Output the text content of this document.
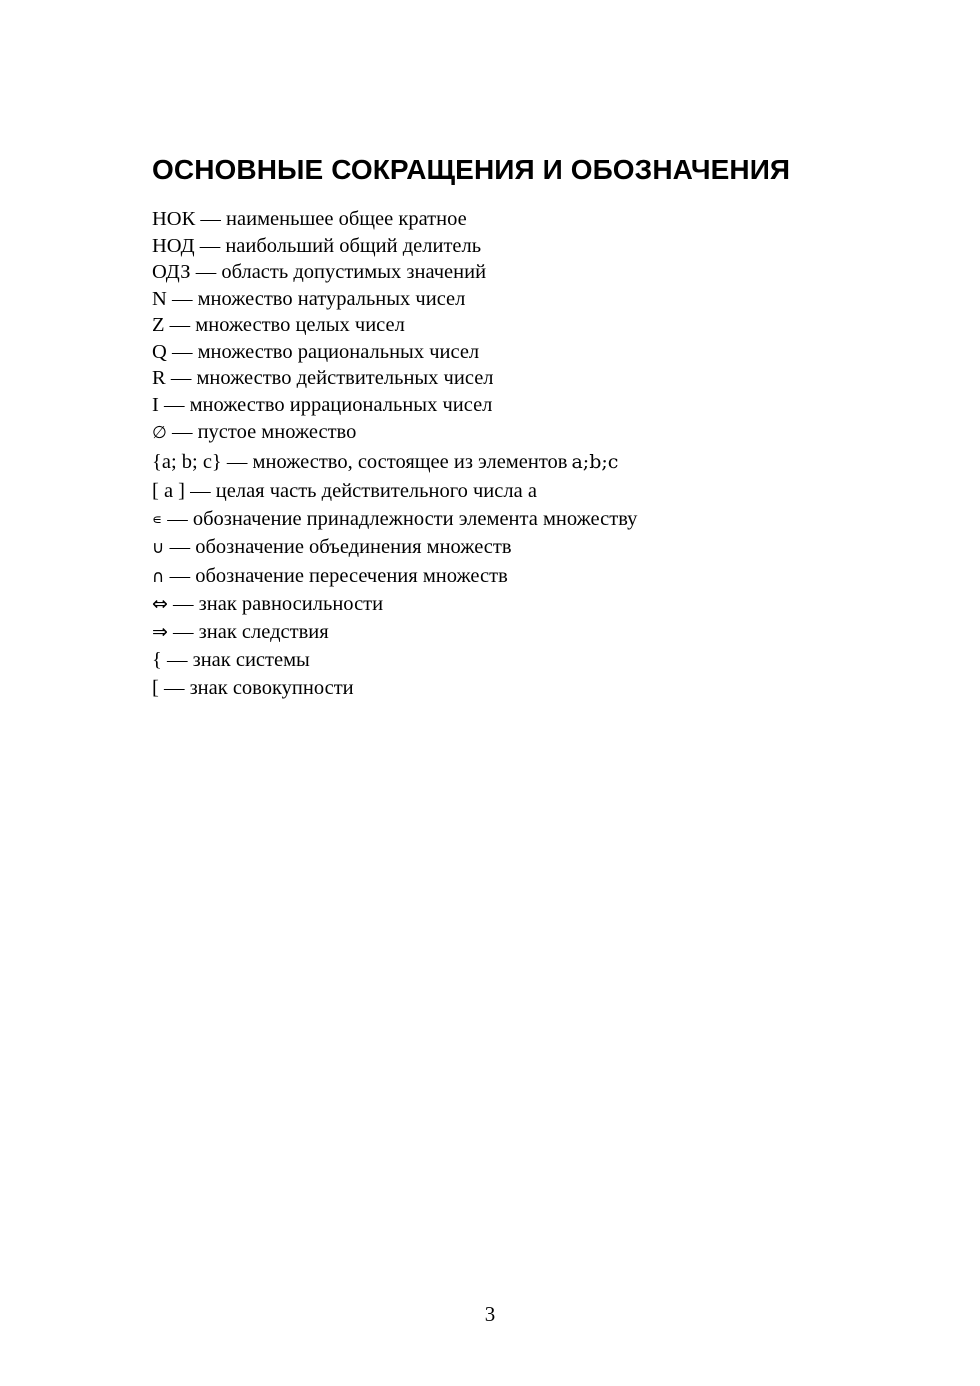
ОСНОВНЫЕ СОКРАЩЕНИЯ И ОБОЗНАЧЕНИЯ
НОК — наименьшее общее кратное
НОД — наибольший общий делитель
ОДЗ — область допустимых значений
N — множество натуральных чисел
Z — множество целых чисел
Q — множество рациональных чисел
R — множество действительных чисел
I — множество иррациональных чисел
∅ — пустое множество
{a; b; c} — множество, состоящее из элементов a;b;c
[ a ] — целая часть действительного числа a
∊ — обозначение принадлежности элемента множеству
∪ — обозначение объединения множеств
∩ — обозначение пересечения множеств
⇔ — знак равносильности
⇒ — знак следствия
{ — знак системы
[ — знак совокупности
3
